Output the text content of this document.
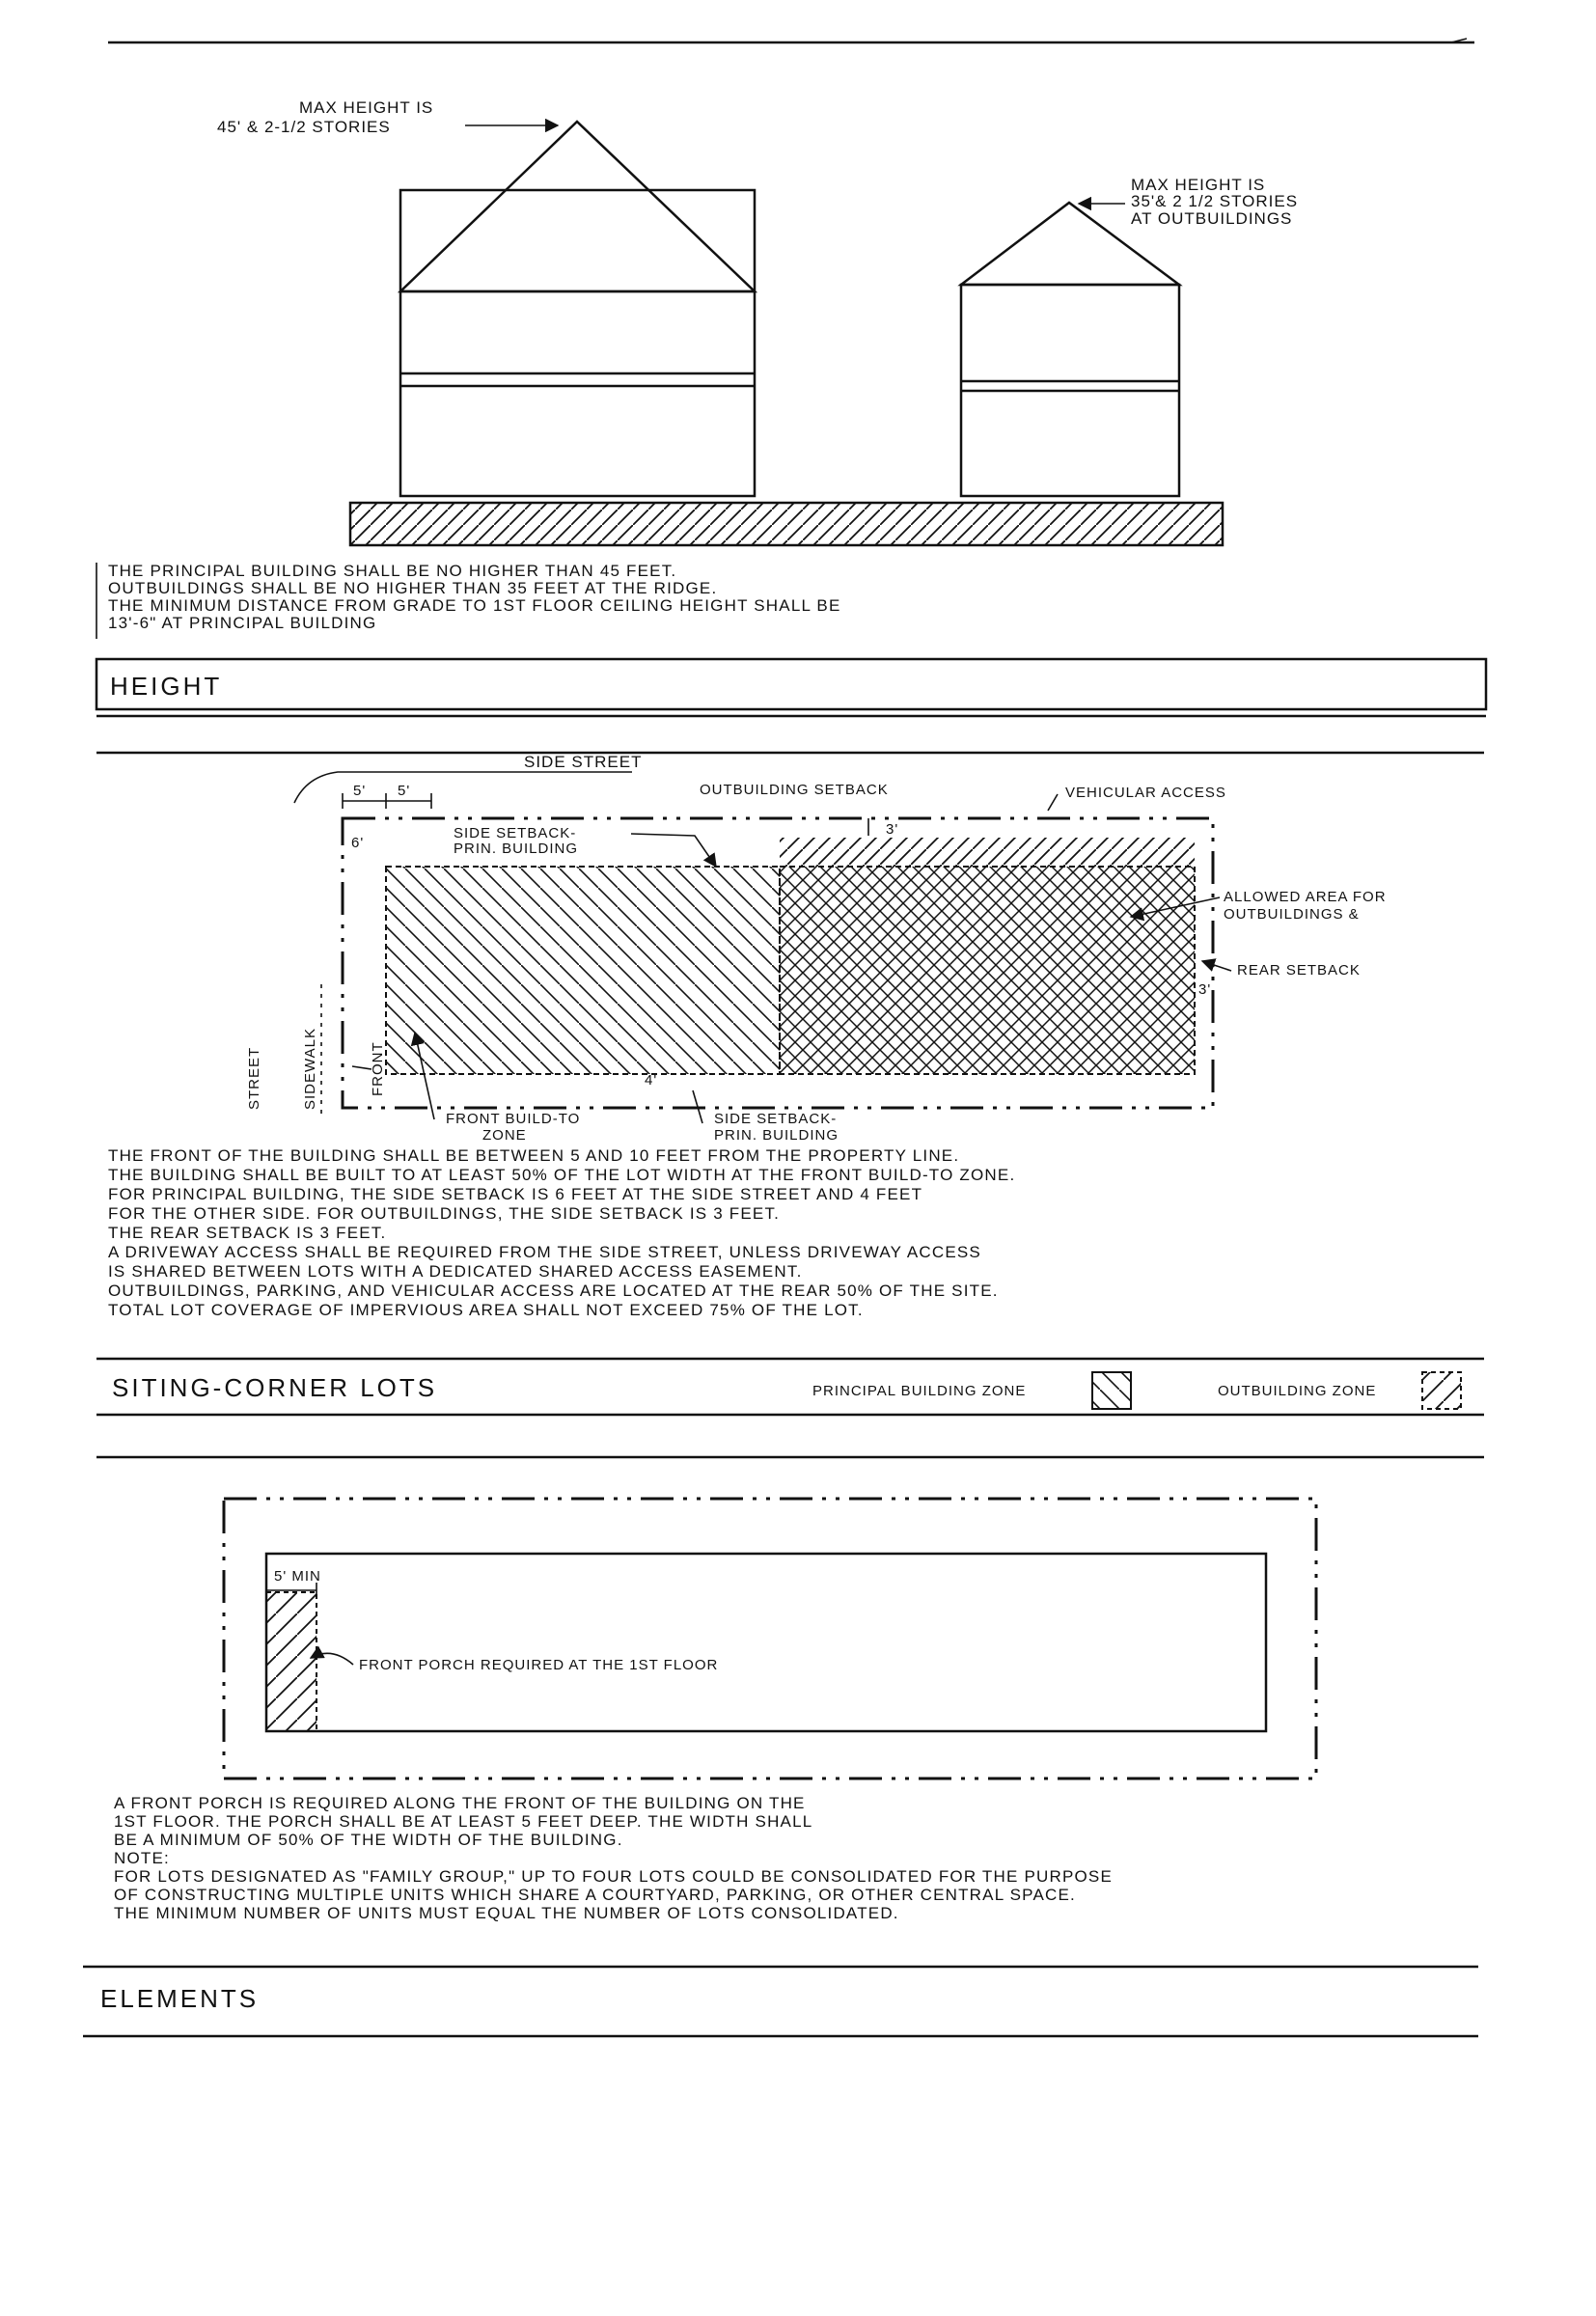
MAX HEIGHT IS
45' & 2-1/2 STORIES
MAX HEIGHT IS
35'& 2 1/2 STORIES
AT OUTBUILDINGS
THE PRINCIPAL BUILDING SHALL BE NO HIGHER THAN 45 FEET.
OUTBUILDINGS SHALL BE NO HIGHER THAN 35 FEET AT THE RIDGE.
THE MINIMUM DISTANCE FROM GRADE TO 1ST FLOOR CEILING HEIGHT SHALL BE
13'-6" AT PRINCIPAL BUILDING
HEIGHT
SIDE STREET
5' 5'	OUTBUILDING SETBACK	VEHICULAR ACCESS
3'
6'
SIDE SETBACK-
PRIN. BUILDING
ALLOWED AREA FOR
OUTBUILDINGS &
REAR SETBACK
3'
STREET	SIDEWALK	FRONT	4'
FRONT BUILD-TO
ZONE
SIDE SETBACK-
PRIN. BUILDING
THE FRONT OF THE BUILDING SHALL BE BETWEEN 5 AND 10 FEET FROM THE PROPERTY LINE.
THE BUILDING SHALL BE BUILT TO AT LEAST 50% OF THE LOT WIDTH AT THE FRONT BUILD-TO ZONE.
FOR PRINCIPAL BUILDING, THE SIDE SETBACK IS 6 FEET AT THE SIDE STREET AND 4 FEET
FOR THE OTHER SIDE. FOR OUTBUILDINGS, THE SIDE SETBACK IS 3 FEET.
THE REAR SETBACK IS 3 FEET.
A DRIVEWAY ACCESS SHALL BE REQUIRED FROM THE SIDE STREET, UNLESS DRIVEWAY ACCESS
IS SHARED BETWEEN LOTS WITH A DEDICATED SHARED ACCESS EASEMENT.
OUTBUILDINGS, PARKING, AND VEHICULAR ACCESS ARE LOCATED AT THE REAR 50% OF THE SITE.
TOTAL LOT COVERAGE OF IMPERVIOUS AREA SHALL NOT EXCEED 75% OF THE LOT.
SITING-CORNER LOTS	PRINCIPAL BUILDING ZONE	OUTBUILDING ZONE
5' MIN
FRONT PORCH REQUIRED AT THE 1ST FLOOR
A FRONT PORCH IS REQUIRED ALONG THE FRONT OF THE BUILDING ON THE
1ST FLOOR. THE PORCH SHALL BE AT LEAST 5 FEET DEEP. THE WIDTH SHALL
BE A MINIMUM OF 50% OF THE WIDTH OF THE BUILDING.
NOTE:
FOR LOTS DESIGNATED AS "FAMILY GROUP," UP TO FOUR LOTS COULD BE CONSOLIDATED FOR THE PURPOSE
OF CONSTRUCTING MULTIPLE UNITS WHICH SHARE A COURTYARD, PARKING, OR OTHER CENTRAL SPACE.
THE MINIMUM NUMBER OF UNITS MUST EQUAL THE NUMBER OF LOTS CONSOLIDATED.
ELEMENTS
